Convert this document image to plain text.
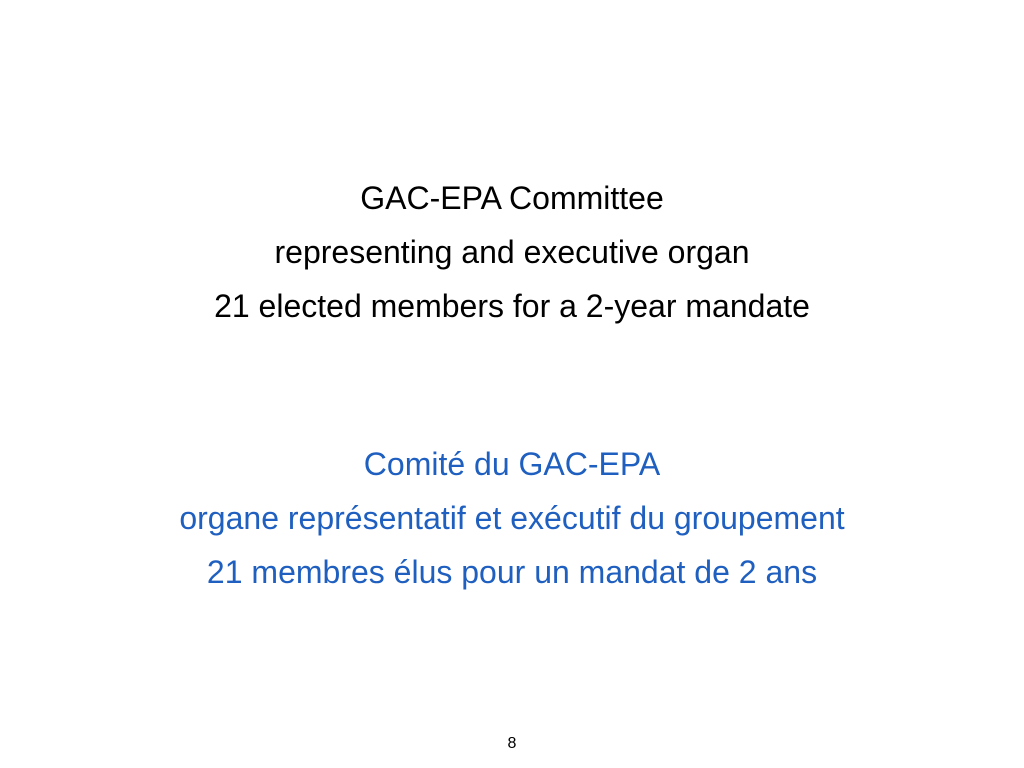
GAC-EPA Committee
representing and executive organ
21 elected members for a 2-year mandate
Comité du GAC-EPA
organe représentatif et exécutif du groupement
21 membres élus pour un mandat de 2 ans
8
